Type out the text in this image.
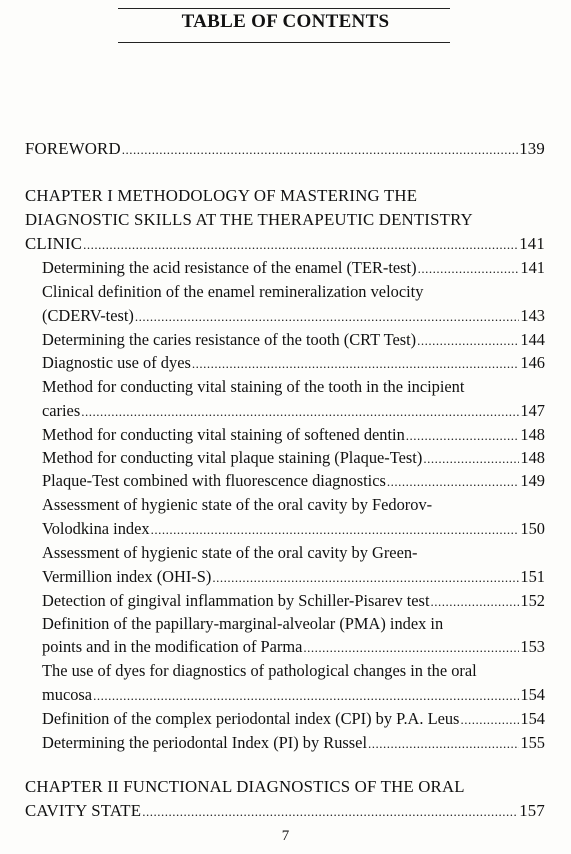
TABLE OF CONTENTS
FOREWORD .....	139
CHAPTER I METHODOLOGY OF MASTERING THE
DIAGNOSTIC SKILLS AT THE THERAPEUTIC DENTISTRY
CLINIC .....	141
Determining the acid resistance of the enamel (TER-test) .....	141
Clinical definition of the enamel remineralization velocity
(CDERV-test) .....	143
Determining the caries resistance of the tooth (CRT Test) .....	144
Diagnostic use of dyes .....	146
Method for conducting vital staining of the tooth in the incipient
caries .....	147
Method for conducting vital staining of softened dentin .....	148
Method for conducting vital plaque staining (Plaque-Test) .....	148
Plaque-Test combined with fluorescence diagnostics .....	149
Assessment of hygienic state of the oral cavity by Fedorov-
Volodkina index .....	150
Assessment of hygienic state of the oral cavity by Green-
Vermillion index (OHI-S) .....	151
Detection of gingival inflammation by Schiller-Pisarev test .....	152
Definition of the papillary-marginal-alveolar (PMA) index in
points and in the modification of Parma .....	153
The use of dyes for diagnostics of pathological changes in the oral
mucosa .....	154
Definition of the complex periodontal index (CPI) by P.A. Leus .....	154
Determining the periodontal Index (PI) by Russel .....	155
CHAPTER II FUNCTIONAL DIAGNOSTICS OF THE ORAL
CAVITY STATE .....	157
7
